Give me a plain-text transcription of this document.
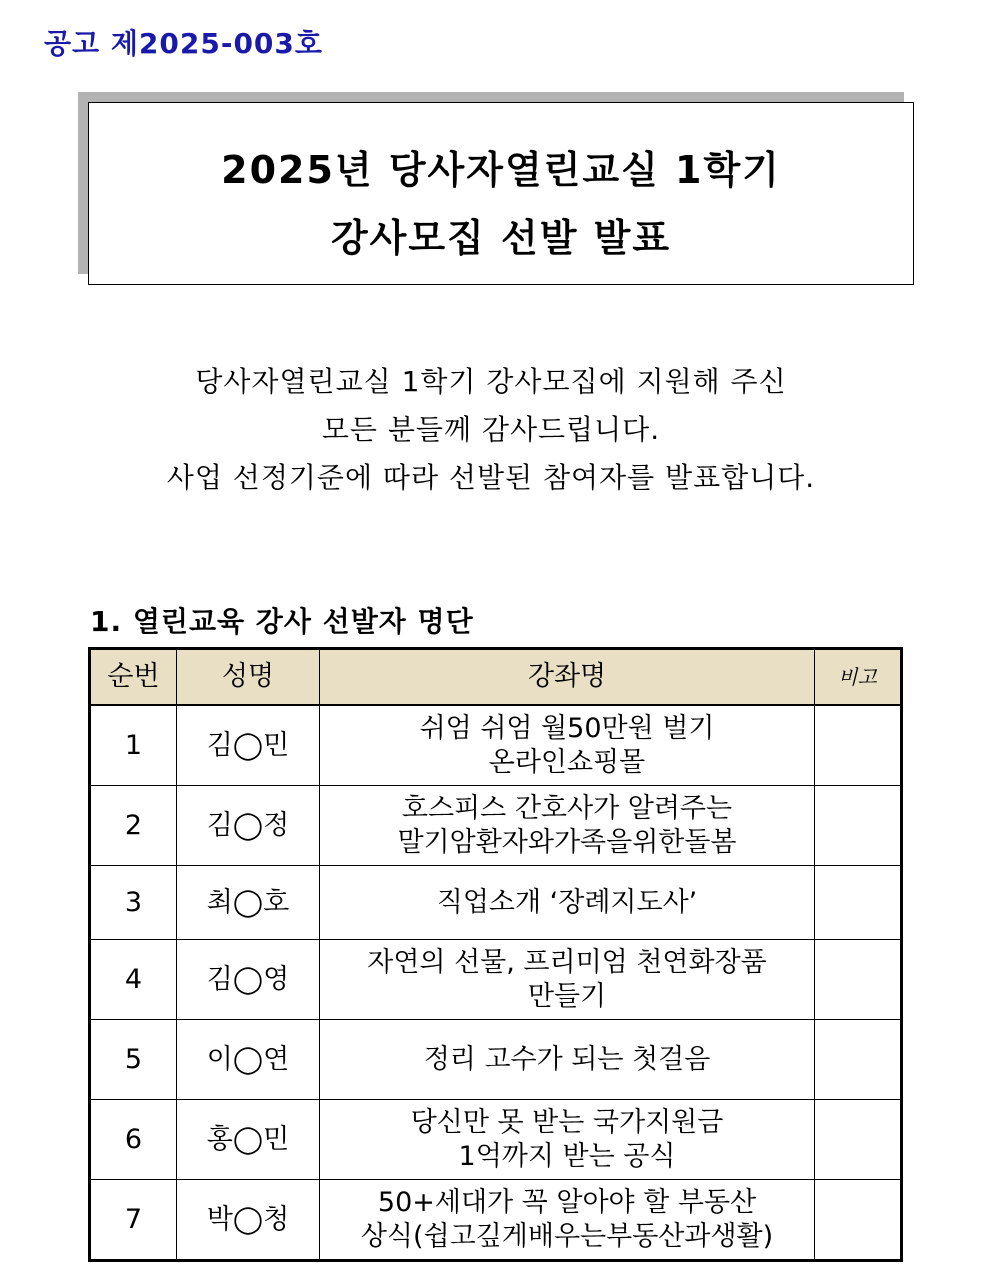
공고 제2025-003호
2025년 당사자열린교실 1학기
강사모집 선발 발표
당사자열린교실 1학기 강사모집에 지원해 주신
모든 분들께 감사드립니다.
사업 선정기준에 따라 선발된 참여자를 발표합니다.
1. 열린교육 강사 선발자 명단
순번	성명	강좌명	비고
1	김◯민	쉬엄 쉬엄 월50만원 벌기
온라인쇼핑몰	

2	김◯정	호스피스 간호사가 알려주는
말기암환자와가족을위한돌봄	

3	최◯호	직업소개 ‘장례지도사’	

4	김◯영	자연의 선물, 프리미엄 천연화장품
만들기	

5	이◯연	정리 고수가 되는 첫걸음	

6	홍◯민	당신만 못 받는 국가지원금
1억까지 받는 공식	

7	박◯청	50+세대가 꼭 알아야 할 부동산
상식(쉽고깊게배우는부동산과생활)	
